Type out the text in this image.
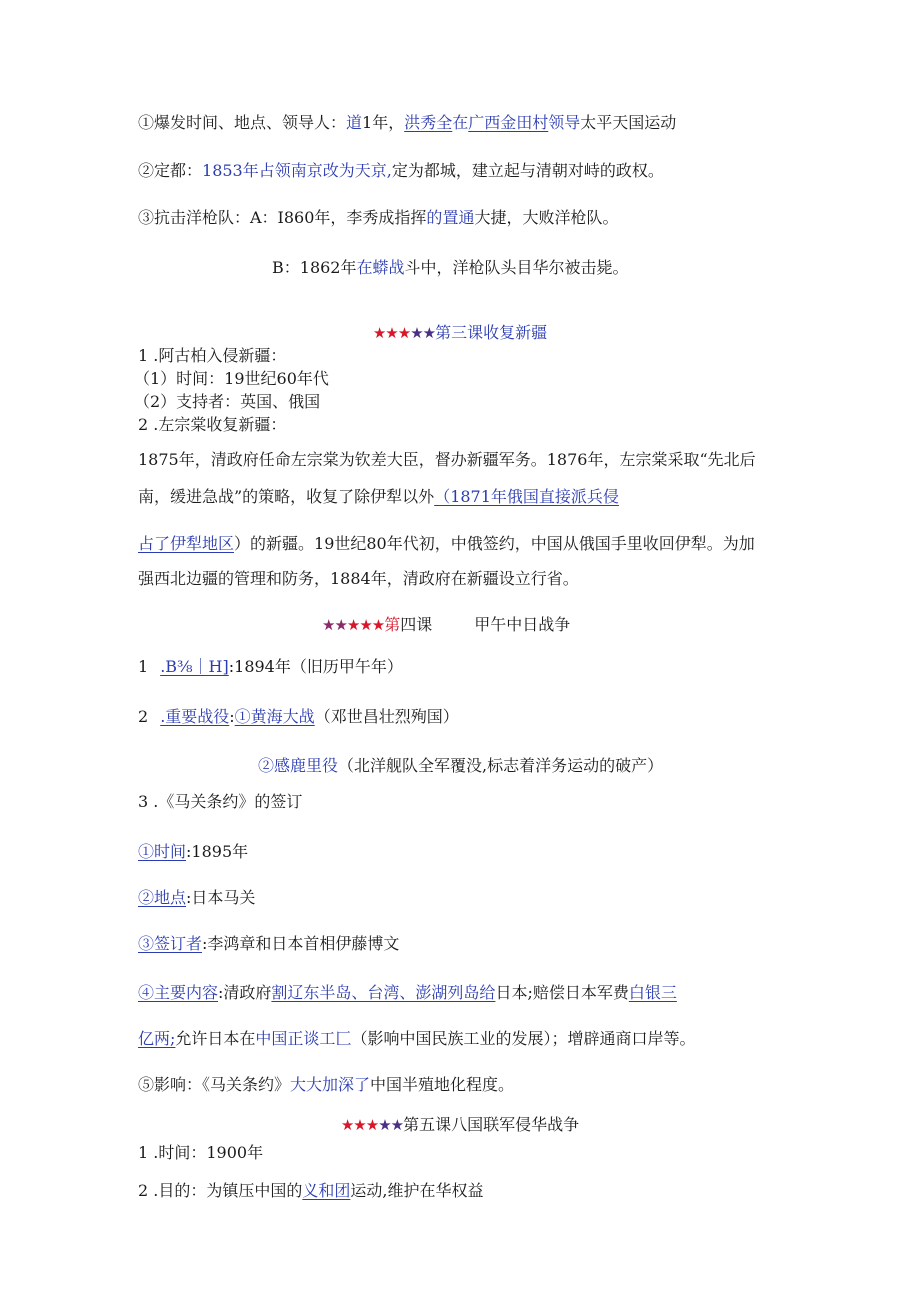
①爆发时间、地点、领导人：道1年，洪秀全在广西金田村领导太平天国运动
②定都：1853年占领南京改为天京,定为都城，建立起与清朝对峙的政权。
③抗击洋枪队：A：I860年，李秀成指挥的置通大捷，大败洋枪队。
B：1862年在蟒战斗中，洋枪队头目华尔被击毙。
★★★★★第三课收复新疆
1 .阿古柏入侵新疆：
（1）时间：19世纪60年代
（2）支持者：英国、俄国
2 .左宗棠收复新疆：
1875年，清政府任命左宗棠为钦差大臣，督办新疆军务。1876年，左宗棠采取“先北后
南，缓进急战”的策略，收复了除伊犁以外（1871年俄国直接派兵侵
占了伊犁地区）的新疆。19世纪80年代初，中俄签约，中国从俄国手里收回伊犁。为加
强西北边疆的管理和防务，1884年，清政府在新疆设立行省。
★★★★★第四课	甲午中日战争
1 .B⅜｜H]:1894年（旧历甲午年）
2 .重要战役:①黄海大战（邓世昌壮烈殉国）
②感鹿里役（北洋舰队全军覆没,标志着洋务运动的破产）
3 .《马关条约》的签订
①时间:1895年
②地点:日本马关
③签订者:李鸿章和日本首相伊藤博文
④主要内容:清政府割辽东半岛、台湾、澎湖列岛给日本;赔偿日本军费白银三
亿两;允许日本在中国正谈工匚（影响中国民族工业的发展）；增辟通商口岸等。
⑤影响：《马关条约》大大加深了中国半殖地化程度。
★★★★★第五课八国联军侵华战争
1 .时间：1900年
2 .目的：为镇压中国的义和团运动,维护在华权益
